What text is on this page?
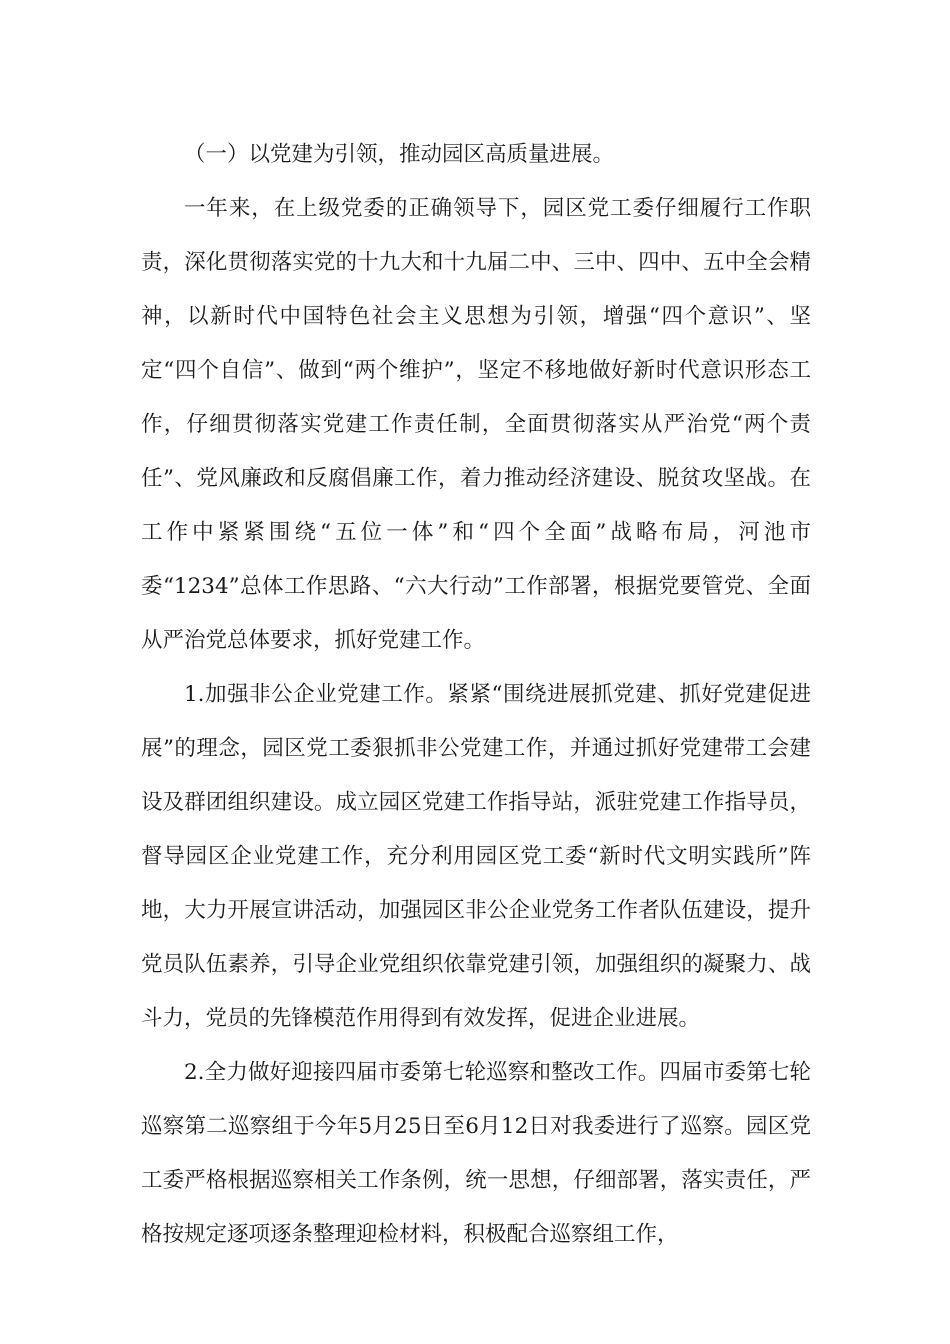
（一）以党建为引领，推动园区高质量进展。

一年来，在上级党委的正确领导下，园区党工委仔细履行工作职责，深化贯彻落实党的十九大和十九届二中、三中、四中、五中全会精神，以新时代中国特色社会主义思想为引领，增强“四个意识”、坚定“四个自信”、做到“两个维护”，坚定不移地做好新时代意识形态工作，仔细贯彻落实党建工作责任制，全面贯彻落实从严治党“两个责任”、党风廉政和反腐倡廉工作，着力推动经济建设、脱贫攻坚战。在工作中紧紧围绕“五位一体”和“四个全面”战略布局，河池市委“1234”总体工作思路、“六大行动”工作部署，根据党要管党、全面从严治党总体要求，抓好党建工作。

1.加强非公企业党建工作。紧紧“围绕进展抓党建、抓好党建促进展”的理念，园区党工委狠抓非公党建工作，并通过抓好党建带工会建设及群团组织建设。成立园区党建工作指导站，派驻党建工作指导员，督导园区企业党建工作，充分利用园区党工委“新时代文明实践所”阵地，大力开展宣讲活动，加强园区非公企业党务工作者队伍建设，提升党员队伍素养，引导企业党组织依靠党建引领，加强组织的凝聚力、战斗力，党员的先锋模范作用得到有效发挥，促进企业进展。

2.全力做好迎接四届市委第七轮巡察和整改工作。四届市委第七轮巡察第二巡察组于今年5月25日至6月12日对我委进行了巡察。园区党工委严格根据巡察相关工作条例，统一思想，仔细部署，落实责任，严格按规定逐项逐条整理迎检材料，积极配合巡察组工作，
